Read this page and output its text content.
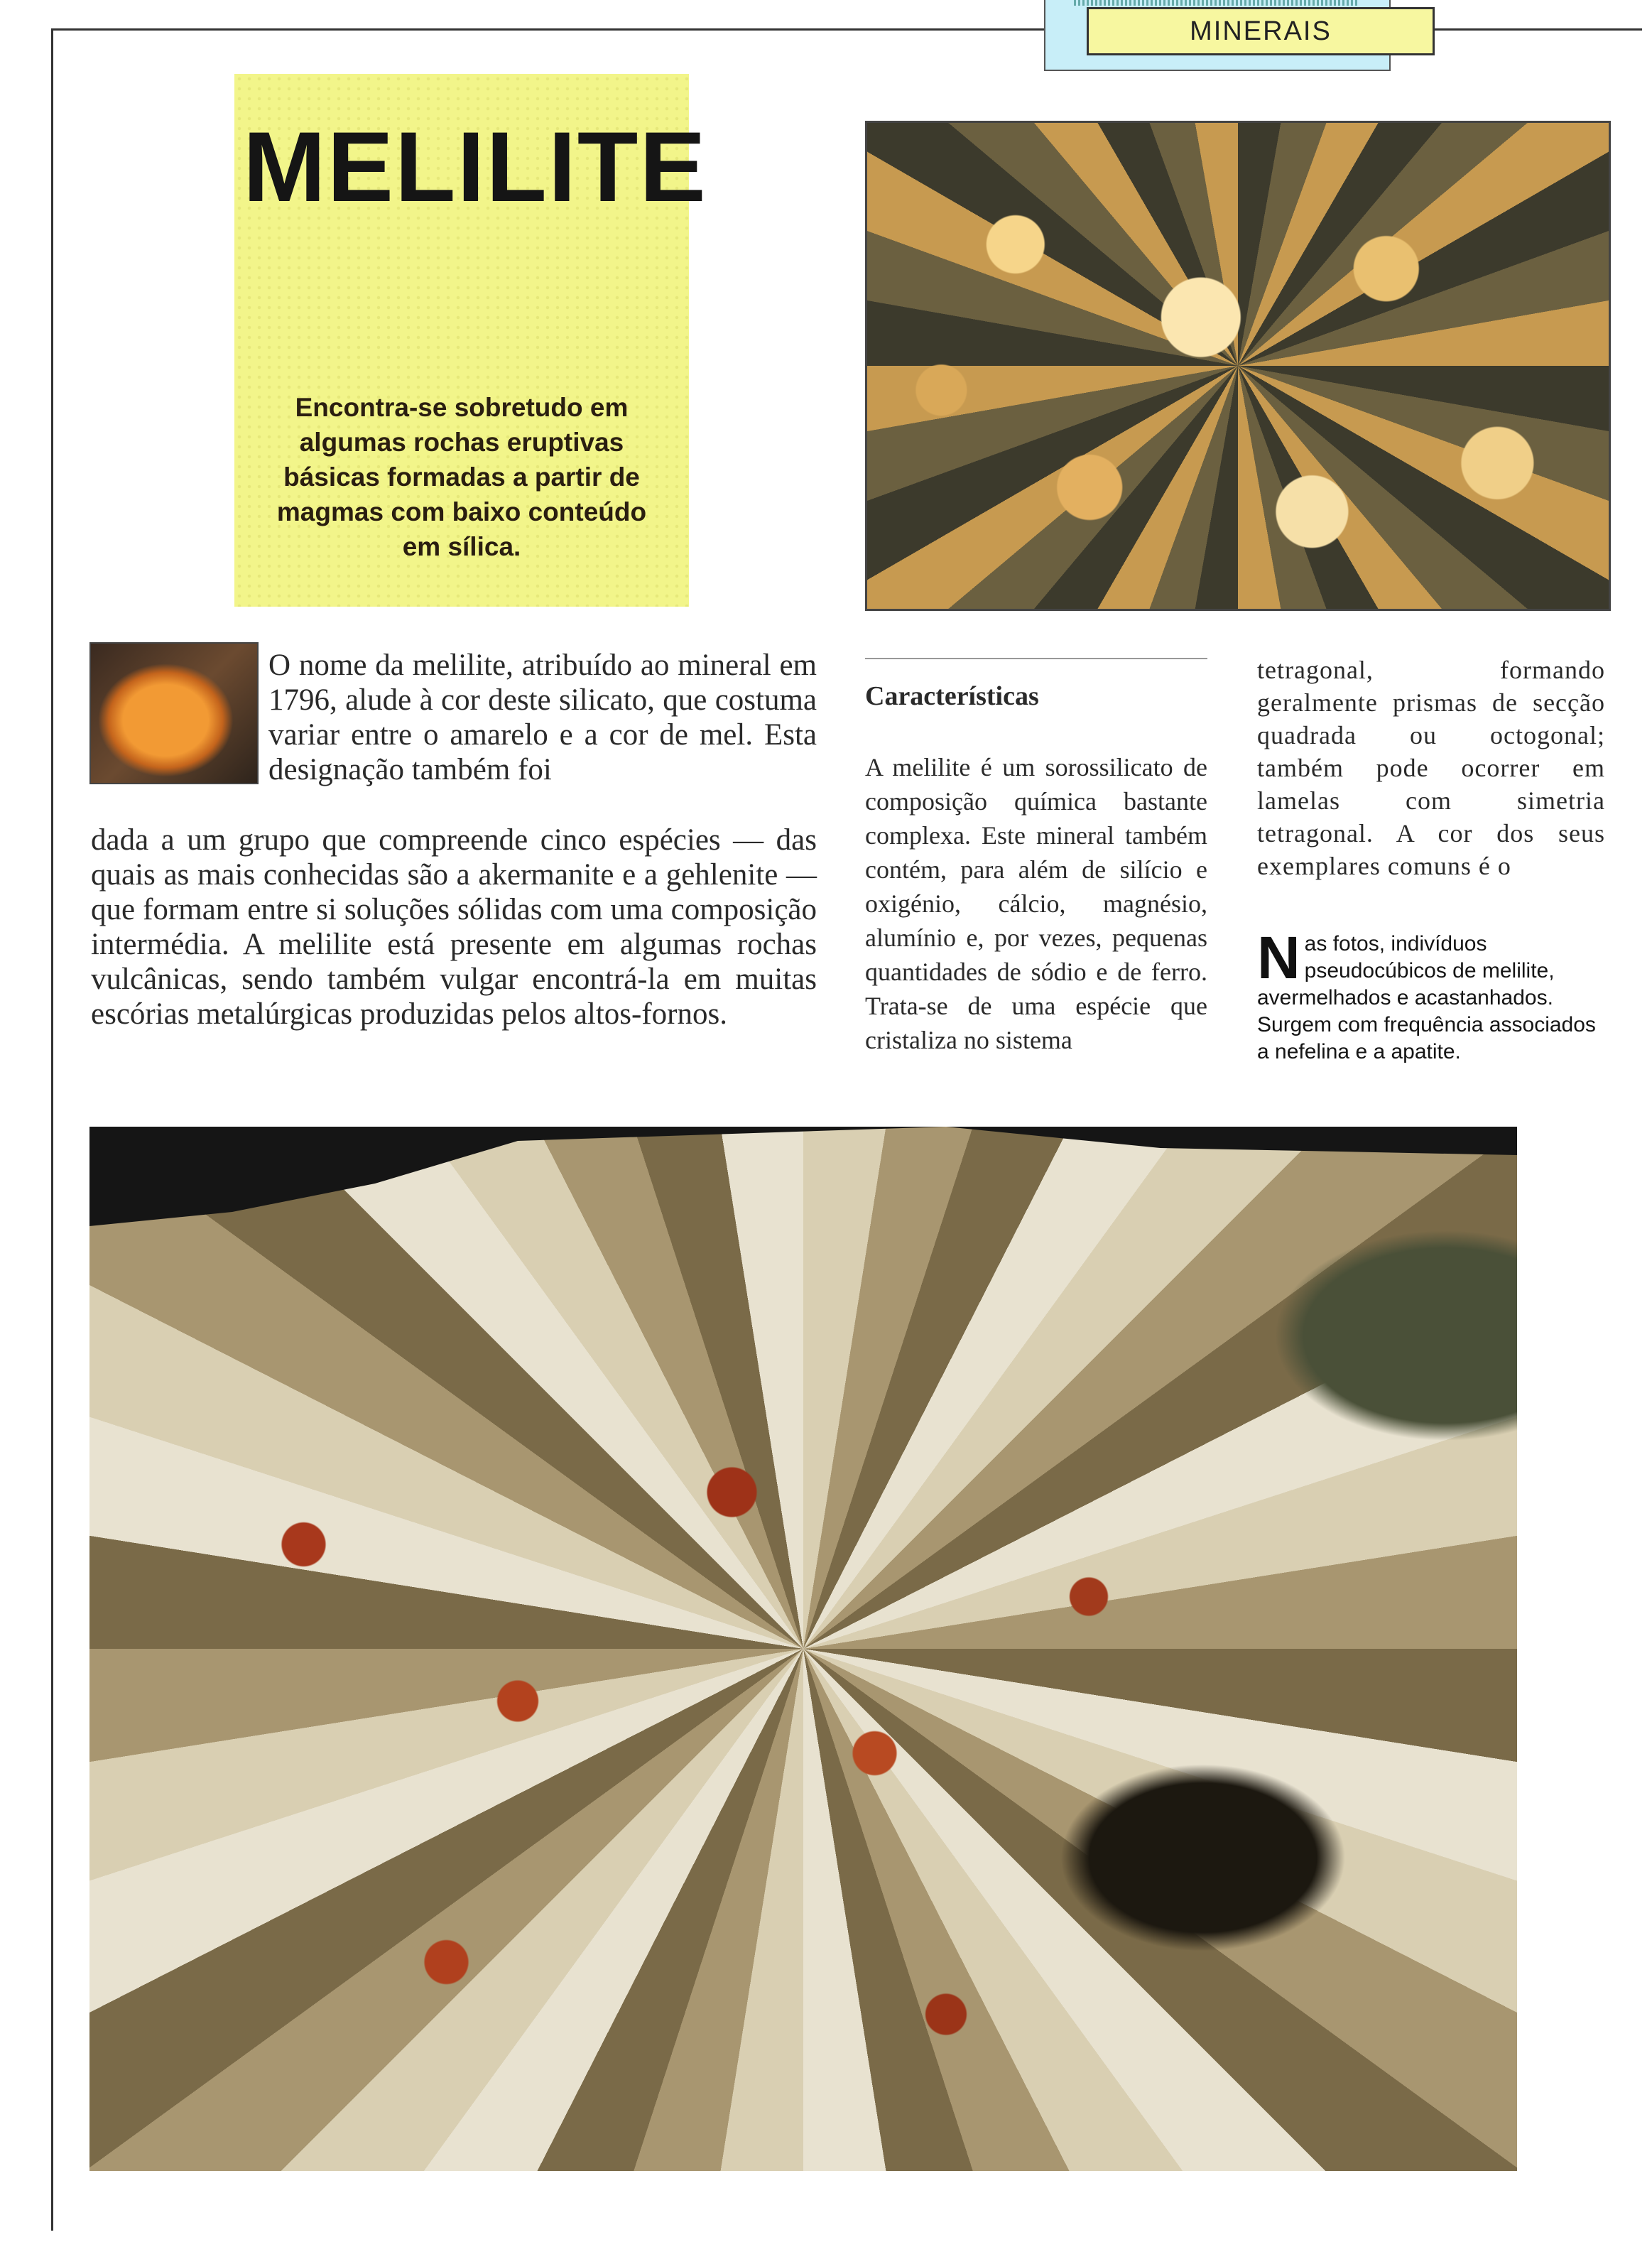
MINERAIS
MELILITE

Encontra-se sobretudo em algumas rochas eruptivas básicas formadas a partir de magmas com baixo conteúdo em sílica.

O nome da melilite, atribuído ao mineral em 1796, alude à cor deste silicato, que costuma variar entre o amarelo e a cor de mel. Esta designação também foi

dada a um grupo que compreende cinco espécies — das quais as mais conhecidas são a akermanite e a gehlenite — que formam entre si soluções sólidas com uma composição intermédia. A melilite está presente em algumas rochas vulcânicas, sendo também vulgar encontrá-la em muitas escórias metalúrgicas produzidas pelos altos-fornos.

Características

A melilite é um sorossilicato de composição química bastante complexa. Este mineral também contém, para além de silício e oxigénio, cálcio, magnésio, alumínio e, por vezes, pequenas quantidades de sódio e de ferro. Trata-se de uma espécie que cristaliza no sistema

tetragonal, formando geralmente prismas de secção quadrada ou octogonal; também pode ocorrer em lamelas com simetria tetragonal. A cor dos seus exemplares comuns é o

N as fotos, indivíduos pseudocúbicos de melilite, avermelhados e acastanhados. Surgem com frequência associados a nefelina e a apatite.
